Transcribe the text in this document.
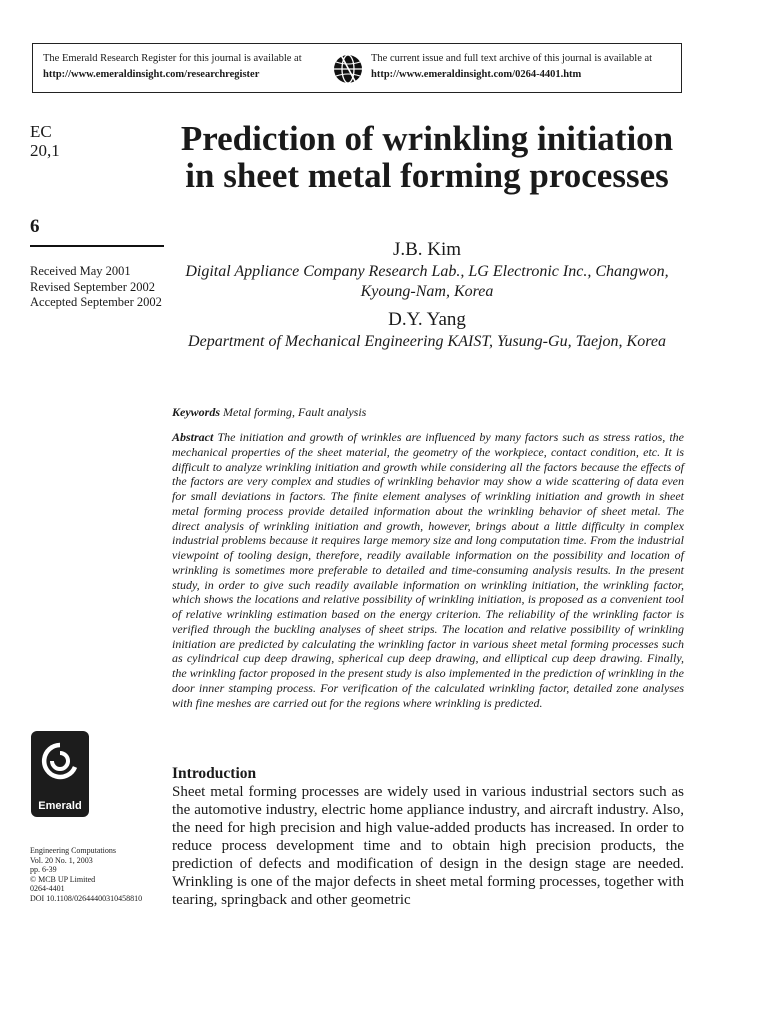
The Emerald Research Register for this journal is available at
http://www.emeraldinsight.com/researchregister
The current issue and full text archive of this journal is available at
http://www.emeraldinsight.com/0264-4401.htm
EC
20,1
6
Received May 2001
Revised September 2002
Accepted September 2002
Emerald
Engineering Computations
Vol. 20 No. 1, 2003
pp. 6-39
© MCB UP Limited
0264-4401
DOI 10.1108/02644400310458810
Prediction of wrinkling initiation in sheet metal forming processes
J.B. Kim
Digital Appliance Company Research Lab., LG Electronic Inc., Changwon, Kyoung-Nam, Korea
D.Y. Yang
Department of Mechanical Engineering KAIST, Yusung-Gu, Taejon, Korea
Keywords Metal forming, Fault analysis

Abstract The initiation and growth of wrinkles are influenced by many factors such as stress ratios, the mechanical properties of the sheet material, the geometry of the workpiece, contact condition, etc. It is difficult to analyze wrinkling initiation and growth while considering all the factors because the effects of the factors are very complex and studies of wrinkling behavior may show a wide scattering of data even for small deviations in factors. The finite element analyses of wrinkling initiation and growth in sheet metal forming process provide detailed information about the wrinkling behavior of sheet metal. The direct analysis of wrinkling initiation and growth, however, brings about a little difficulty in complex industrial problems because it requires large memory size and long computation time. From the industrial viewpoint of tooling design, therefore, readily available information on the possibility and location of wrinkling is sometimes more preferable to detailed and time-consuming analysis results. In the present study, in order to give such readily available information on wrinkling initiation, the wrinkling factor, which shows the locations and relative possibility of wrinkling initiation, is proposed as a convenient tool of relative wrinkling estimation based on the energy criterion. The reliability of the wrinkling factor is verified through the buckling analyses of sheet strips. The location and relative possibility of wrinkling initiation are predicted by calculating the wrinkling factor in various sheet metal forming processes such as cylindrical cup deep drawing, spherical cup deep drawing, and elliptical cup deep drawing. Finally, the wrinkling factor proposed in the present study is also implemented in the prediction of wrinkling in the door inner stamping process. For verification of the calculated wrinkling factor, detailed zone analyses with fine meshes are carried out for the regions where wrinkling is predicted.

Introduction

Sheet metal forming processes are widely used in various industrial sectors such as the automotive industry, electric home appliance industry, and aircraft industry. Also, the need for high precision and high value-added products has increased. In order to reduce process development time and to obtain high precision products, the prediction of defects and modification of design in the design stage are needed. Wrinkling is one of the major defects in sheet metal forming processes, together with tearing, springback and other geometric
